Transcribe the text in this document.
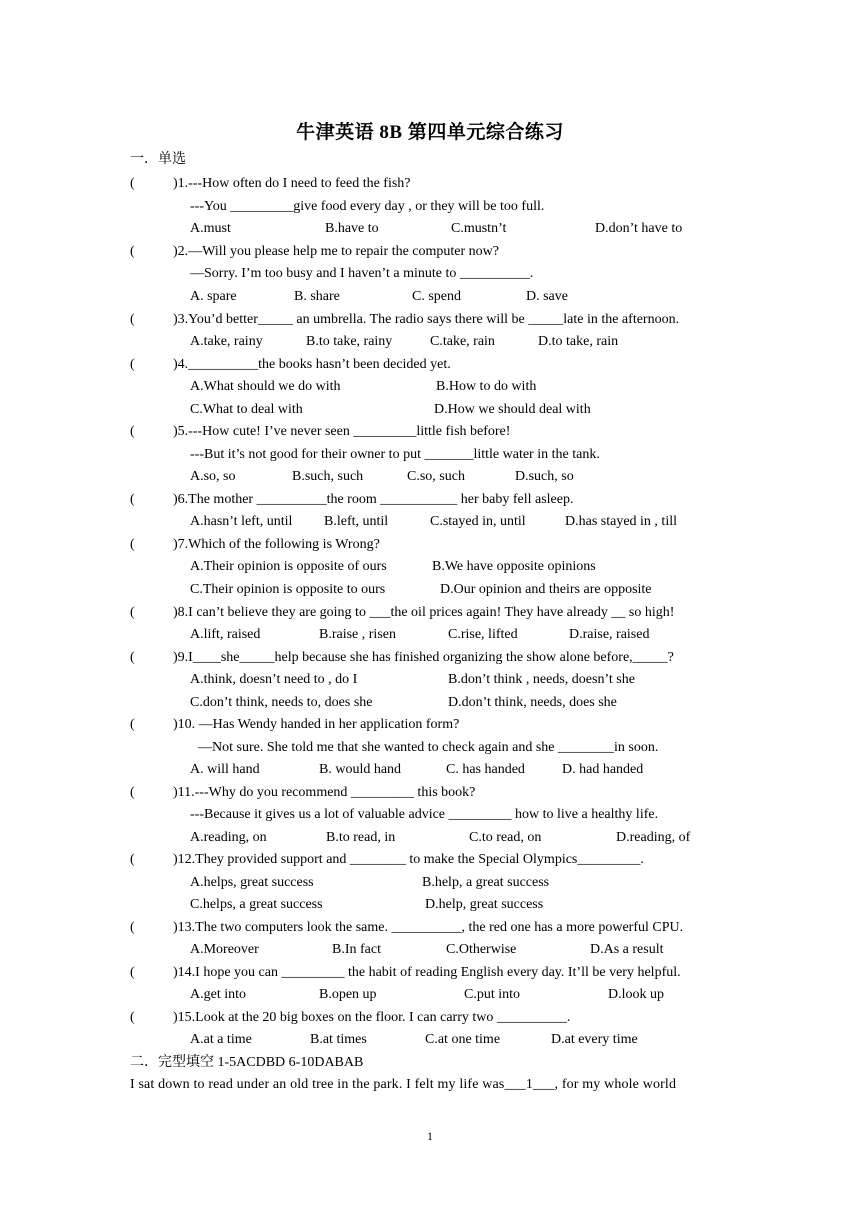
牛津英语 8B 第四单元综合练习
一．单选
(	)1.---How often do I need to feed the fish?
---You _________give food every day , or they will be too full.
A.must	B.have to	C.mustn’t	D.don’t have to
(	)2.—Will you please help me to repair the computer now?
—Sorry. I’m too busy and I haven’t a minute to __________.
A. spare	B. share	C. spend	D. save
(	)3.You’d better_____ an umbrella. The radio says there will be _____late in the afternoon.
A.take, rainy	B.to take, rainy	C.take, rain	D.to take, rain
(	)4.__________the books hasn’t been decided yet.
A.What should we do with	B.How to do with
C.What to deal with	D.How we should deal with
(	)5.---How cute! I’ve never seen _________little fish before!
---But it’s not good for their owner to put _______little water in the tank.
A.so, so	B.such, such	C.so, such	D.such, so
(	)6.The mother __________the room ___________ her baby fell asleep.
A.hasn’t left, until B.left, until	C.stayed in, until	D.has stayed in , till
(	)7.Which of the following is Wrong?
A.Their opinion is opposite of ours	B.We have opposite opinions
C.Their opinion is opposite to ours	D.Our opinion and theirs are opposite
(	)8.I can’t believe they are going to ___the oil prices again! They have already __ so high!
A.lift, raised	B.raise , risen	C.rise, lifted	D.raise, raised
(	)9.I____she_____help because she has finished organizing the show alone before,_____?
A.think, doesn’t need to , do I	B.don’t think , needs, doesn’t she
C.don’t think, needs to, does she	D.don’t think, needs, does she
(	)10. —Has Wendy handed in her application form?
—Not sure. She told me that she wanted to check again and she ________in soon.
A. will hand	B. would hand	C. has handed	D. had handed
(	)11.---Why do you recommend _________ this book?
---Because it gives us a lot of valuable advice _________ how to live a healthy life.
A.reading, on	B.to read, in	C.to read, on	D.reading, of
(	)12.They provided support and ________ to make the Special Olympics_________.
A.helps, great success	B.help, a great success
C.helps, a great success	D.help, great success
(	)13.The two computers look the same. __________, the red one has a more powerful CPU.
A.Moreover	B.In fact	C.Otherwise	D.As a result
(	)14.I hope you can _________ the habit of reading English every day. It’ll be very helpful.
A.get into	B.open up	C.put into	D.look up
(	)15.Look at the 20 big boxes on the floor. I can carry two __________.
A.at a time	B.at times	C.at one time	D.at every time
二．完型填空 1-5ACDBD 6-10DABAB
I sat down to read under an old tree in the park. I felt my life was___1___, for my whole world
1
